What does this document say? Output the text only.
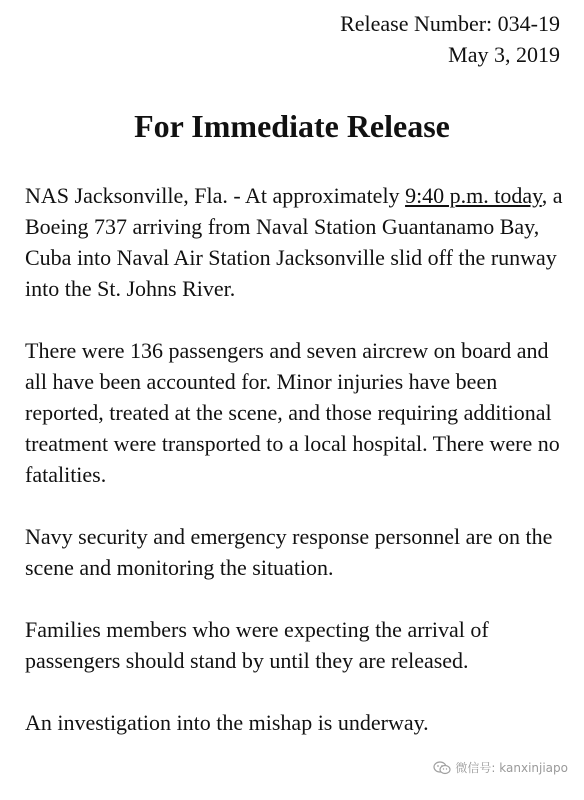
Release Number: 034-19
May 3, 2019
For Immediate Release

NAS Jacksonville, Fla. - At approximately 9:40 p.m. today, a Boeing 737 arriving from Naval Station Guantanamo Bay, Cuba into Naval Air Station Jacksonville slid off the runway into the St. Johns River.

There were 136 passengers and seven aircrew on board and all have been accounted for. Minor injuries have been reported, treated at the scene, and those requiring additional treatment were transported to a local hospital. There were no fatalities.

Navy security and emergency response personnel are on the scene and monitoring the situation.

Families members who were expecting the arrival of passengers should stand by until they are released.

An investigation into the mishap is underway.

微信号: kanxinjiapo
